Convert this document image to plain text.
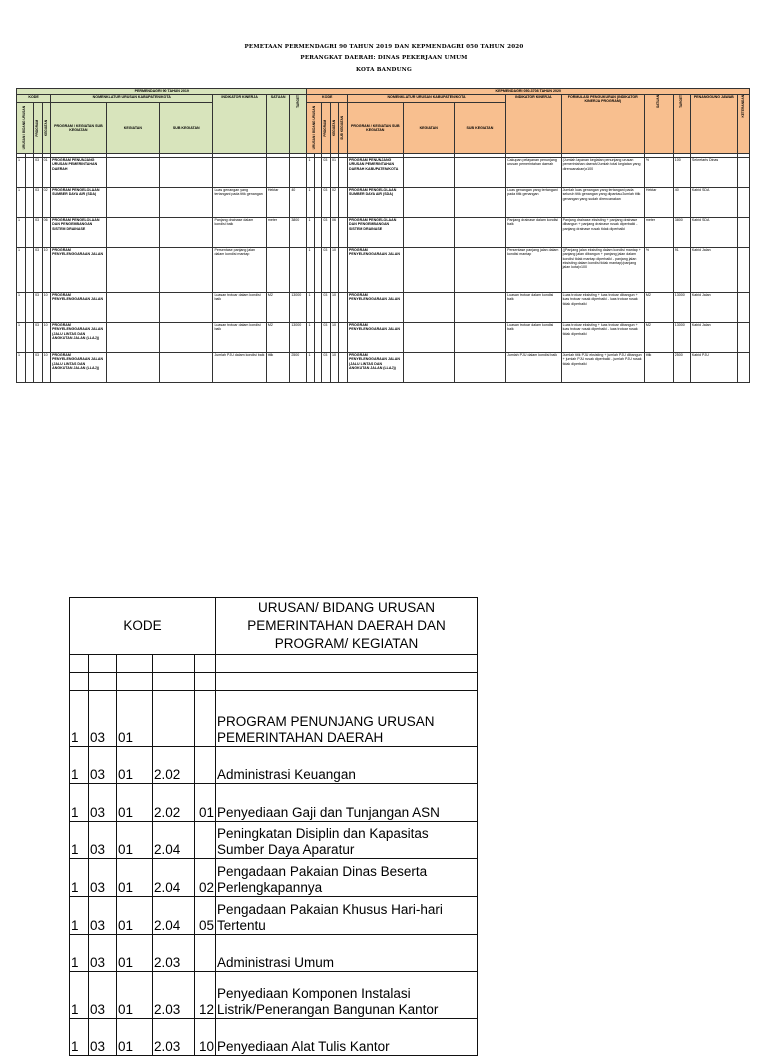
PEMETAAN PERMENDAGRI 90 TAHUN 2019 DAN KEPMENDAGRI 050 TAHUN 2020
PERANGKAT DAERAH: DINAS PEKERJAAN UMUM
KOTA BANDUNG
PERMENDAGRI 90 TAHUN 2019										KEPMENDAGRI 050-3708 TAHUN 2020													
KODE				NOMENKLATUR URUSAN KABUPATEN/KOTA			INDIKATOR KINERJA	SATUAN	TARGET	KODE					NOMENKLATUR URUSAN KABUPATEN/KOTA			INDIKATOR KINERJA	FORMULASI PENGUKURAN (INDIKATOR KINERJA PROGRAM)	SATUAN	TARGET	PENANGGUNG JAWAB	KETERANGAN

URUSAN / BIDANG URUSAN		PROGRAM	KEGIATAN	PROGRAM / KEGIATAN SUB KEGIATAN	KEGIATAN	SUB KEGIATAN				URUSAN / BIDANG URUSAN		PROGRAM	KEGIATAN	SUB KEGIATAN	PROGRAM / KEGIATAN SUB KEGIATAN	KEGIATAN	SUB KEGIATAN						

1		03	01	PROGRAM PENUNJANG URUSAN PEMERINTAHAN DAERAH						1		03	01		PROGRAM PENUNJANG URUSAN PEMERINTAHAN DAERAH KABUPATEN/KOTA			Cakupan pelayanan penunjang urusan pemerintahan daerah	(Jumlah layanan kegiatan penunjang urusan pemerintahan daerah/Jumlah total kegiatan yang direncanakan)x100	%	100	Sekretaris Dinas	
1		03	02	PROGRAM PENGELOLAAN SUMBER DAYA AIR (SDA)			Luas genangan yang tertangani pada titik genangan	Hektar	40	1		03	02		PROGRAM PENGELOLAAN SUMBER DAYA AIR (SDA)			Luas genangan yang tertangani pada titik genangan	Jumlah luas genangan yang tertangani pada seluruh titik genangan yang dipantau/Jumlah titik genangan yang sudah direncanakan	Hektar	40	Kabid SDA	
1		03	06	PROGRAM PENGELOLAAN DAN PENGEMBANGAN SISTEM DRAINASE			Panjang drainase dalam kondisi baik	meter	3800	1		03	06		PROGRAM PENGELOLAAN DAN PENGEMBANGAN SISTEM DRAINASE			Panjang drainase dalam kondisi baik	Panjang drainase eksisting + panjang drainase dibangun + panjang drainase rusak diperbaiki - panjang drainase rusak tidak diperbaiki	meter	3800	Kabid SDA	
1		03	10	PROGRAM PENYELENGGARAAN JALAN			Persentase panjang jalan dalam kondisi mantap			1		03	10		PROGRAM PENYELENGGARAAN JALAN			Persentase panjang jalan dalam kondisi mantap	((Panjang jalan eksisting dalam kondisi mantap + panjang jalan dibangun + panjang jalan dalam kondisi tidak mantap diperbaiki - panjang jalan eksisting dalam kondisi tidak mantap)/panjang jalan kota)x100	%	91	Kabid Jalan	
1		03	10	PROGRAM PENYELENGGARAAN JALAN			Luasan trotoar dalam kondisi baik	M2	13000	1		03	10		PROGRAM PENYELENGGARAAN JALAN			Luasan trotoar dalam kondisi baik	Luas trotoar eksisting + luas trotoar dibangun + luas trotoar rusak diperbaiki - luas trotoar rusak tidak diperbaiki	M2	13000	Kabid Jalan	
1		03	10	PROGRAM PENYELENGGARAAN JALAN (JALU LINTAS DAN ANGKUTAN JALAN (LLAJ))			Luasan trotoar dalam kondisi baik	M2	13000	1		03	10		PROGRAM PENYELENGGARAAN JALAN			Luasan trotoar dalam kondisi baik	Luas trotoar eksisting + luas trotoar dibangun + luas trotoar rusak diperbaiki - luas trotoar rusak tidak diperbaiki	M2	13000	Kabid Jalan	
1		03	10	PROGRAM PENYELENGGARAAN JALAN (JALU LINTAS DAN ANGKUTAN JALAN (LLAJ))			Jumlah PJU dalam kondisi baik	titik	2500	1		03	10		PROGRAM PENYELENGGARAAN JALAN (JALU LINTAS DAN ANGKUTAN JALAN (LLAJ))			Jumlah PJU dalam kondisi baik	Jumlah titik PJU eksisting + jumlah PJU dibangun + jumlah PJU rusak diperbaiki - jumlah PJU rusak tidak diperbaiki	titik	2500	Kabid PJU	
KODE					URUSAN/ BIDANG URUSAN PEMERINTAHAN DAERAH DAN PROGRAM/ KEGIATAN

1	03	01			PROGRAM PENUNJANG URUSAN PEMERINTAHAN DAERAH
1	03	01	2.02		Administrasi Keuangan
1	03	01	2.02	01	Penyediaan Gaji dan Tunjangan ASN
1	03	01	2.04		Peningkatan Disiplin dan Kapasitas Sumber Daya Aparatur
1	03	01	2.04	02	Pengadaan Pakaian Dinas Beserta Perlengkapannya
1	03	01	2.04	05	Pengadaan Pakaian Khusus Hari-hari Tertentu
1	03	01	2.03		Administrasi Umum
1	03	01	2.03	12	Penyediaan Komponen Instalasi Listrik/Penerangan Bangunan Kantor
1	03	01	2.03	10	Penyediaan Alat Tulis Kantor
